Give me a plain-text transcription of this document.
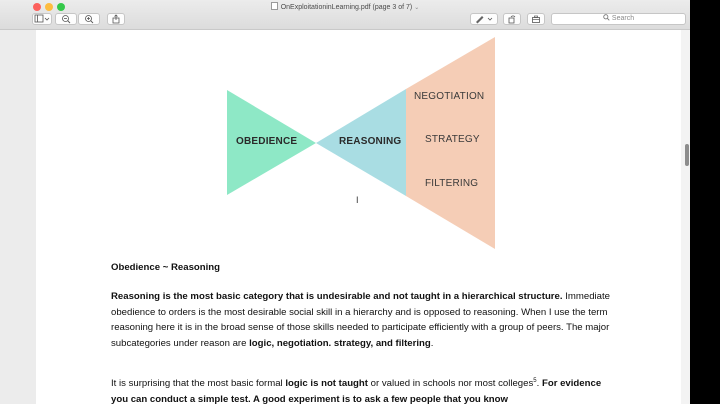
OnExploitationinLearning.pdf (page 3 of 7) ⌄
Search
OBEDIENCE	REASONING
NEGOTIATION
STRATEGY
FILTERING
I
Obedience ~ Reasoning
Reasoning is the most basic category that is undesirable and not taught in a hierarchical structure. Immediate obedience to orders is the most desirable social skill in a hierarchy and is opposed to reasoning. When I use the term reasoning here it is in the broad sense of those skills needed to participate efficiently with a group of peers. The major subcategories under reason are logic, negotiation. strategy, and filtering.
It is surprising that the most basic formal logic is not taught or valued in schools nor most colleges$^5$. For evidence you can conduct a simple test. A good experiment is to ask a few people that you know
